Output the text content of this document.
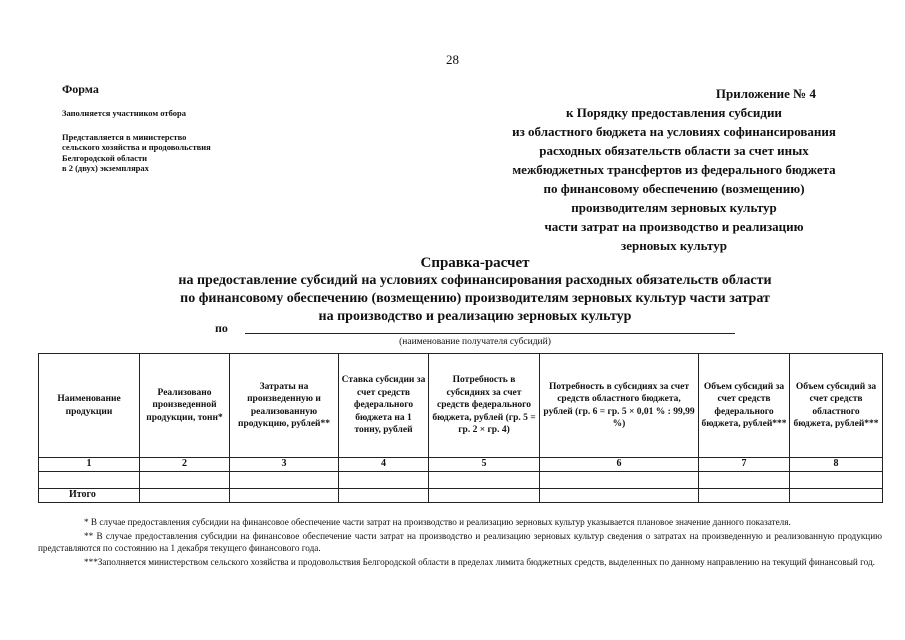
28
Форма
Заполняется участником отбора
Представляется в министерство
сельского хозяйства и продовольствия
Белгородской области
в 2 (двух) экземплярах
Приложение № 4
к Порядку предоставления субсидии
из областного бюджета на условиях софинансирования
расходных обязательств области за счет иных
межбюджетных трансфертов из федерального бюджета
по финансовому обеспечению (возмещению)
производителям зерновых культур
части затрат на производство и реализацию
зерновых культур
Справка-расчет
на предоставление субсидий на условиях софинансирования расходных обязательств области
по финансовому обеспечению (возмещению) производителям зерновых культур части затрат
на производство и реализацию зерновых культур
по
(наименование получателя субсидий)
Наименование продукции	Реализовано произведенной продукции, тонн*	Затраты на произведенную и реализованную продукцию, рублей**	Ставка субсидии за счет средств федерального бюджета на 1 тонну, рублей	Потребность в субсидиях за счет средств федерального бюджета, рублей (гр. 5 = гр. 2 × гр. 4)	Потребность в субсидиях за счет средств областного бюджета, рублей (гр. 6 = гр. 5 × 0,01 % : 99,99 %)	Объем субсидий за счет средств федерального бюджета, рублей***	Объем субсидий за счет средств областного бюджета, рублей***
1	2	3	4	5	6	7	8

Итого							

* В случае предоставления субсидии на финансовое обеспечение части затрат на производство и реализацию зерновых культур указывается плановое значение данного показателя.

** В случае предоставления субсидии на финансовое обеспечение части затрат на производство и реализацию зерновых культур сведения о затратах на произведенную и реализованную продукцию представляются по состоянию на 1 декабря текущего финансового года.

***Заполняется министерством сельского хозяйства и продовольствия Белгородской области в пределах лимита бюджетных средств, выделенных по данному направлению на текущий финансовый год.
